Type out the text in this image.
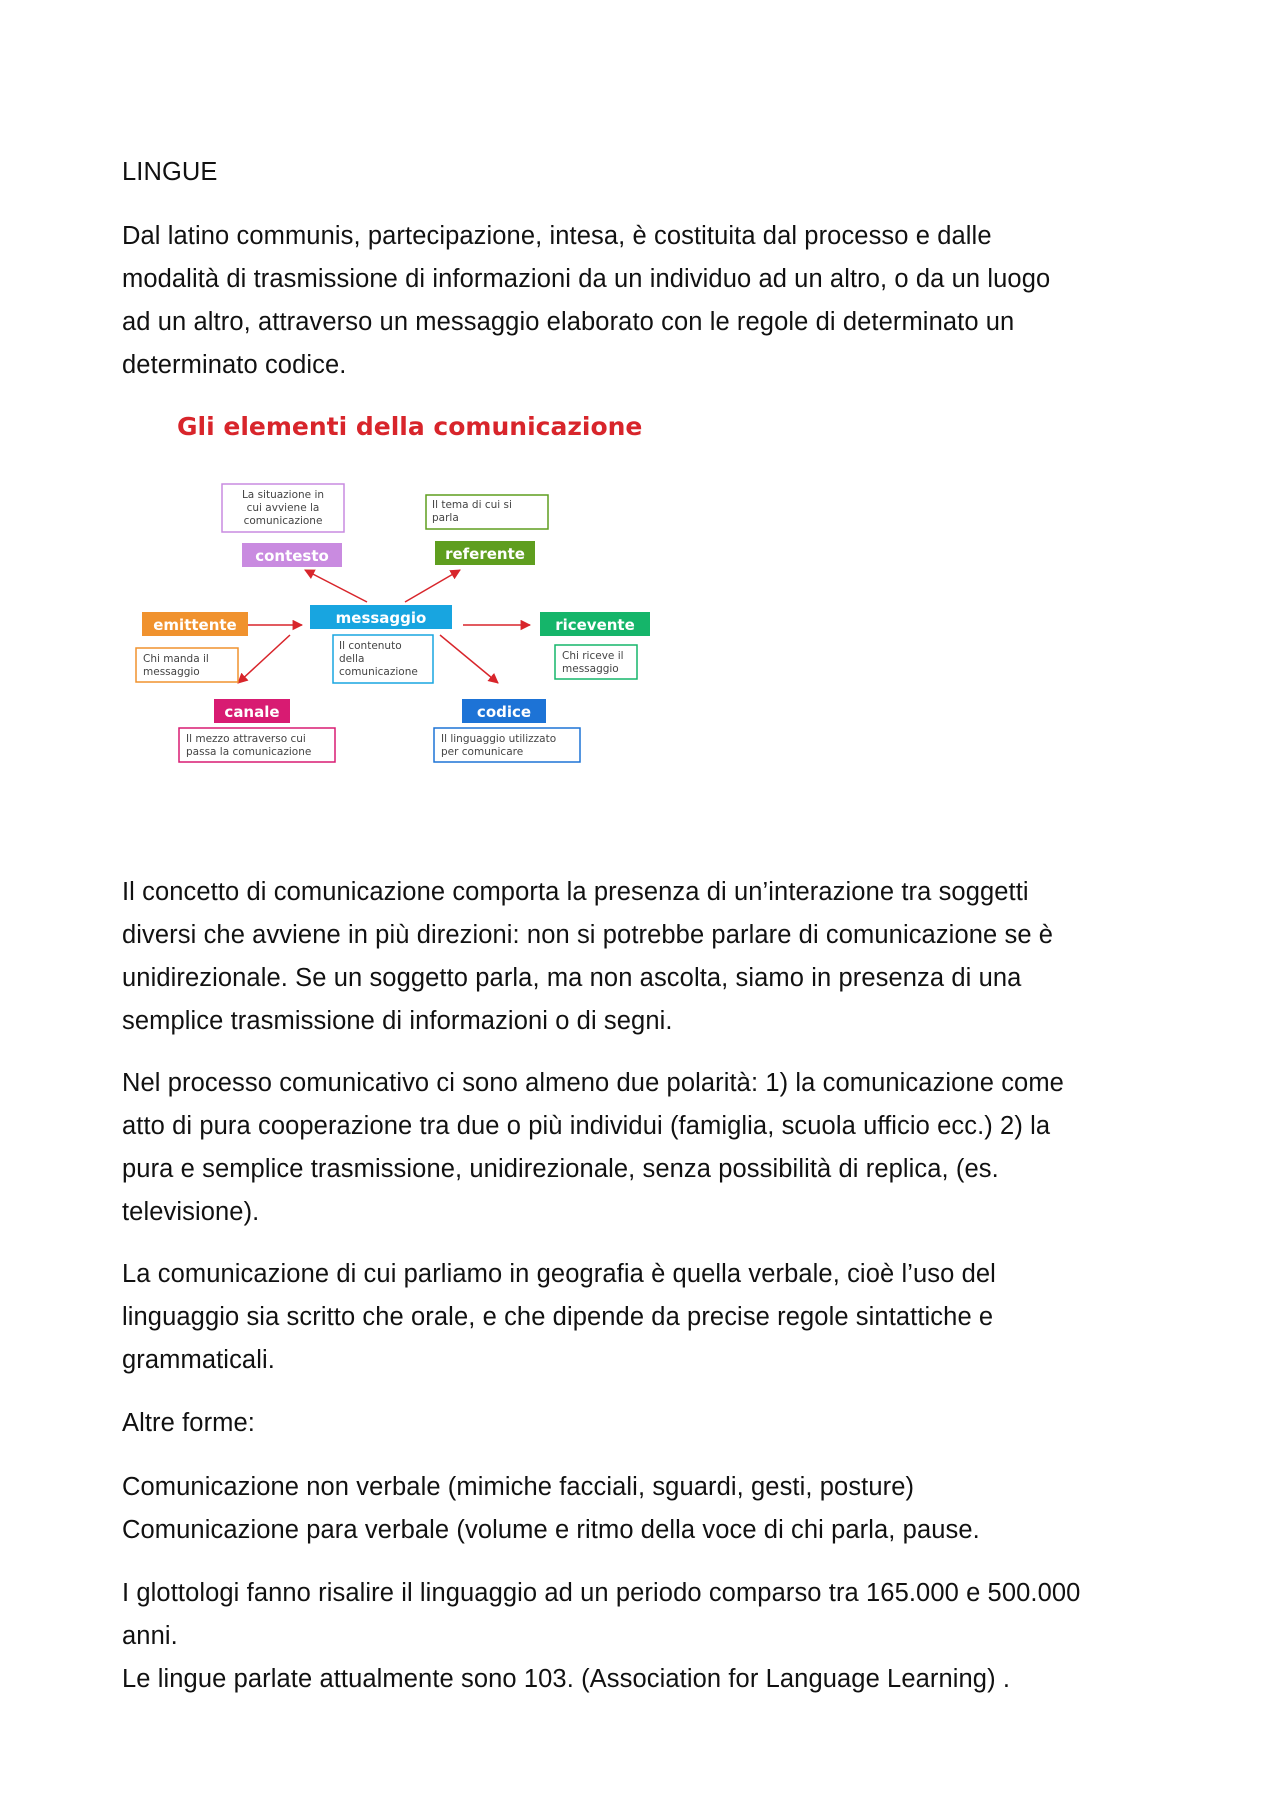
LINGUE

Dal latino communis, partecipazione, intesa, è costituita dal processo e dalle

modalità di trasmissione di informazioni da un individuo ad un altro, o da un luogo

ad un altro, attraverso un messaggio elaborato con le regole di determinato un

determinato codice.

Gli elementi della comunicazione
La situazione in
cui avviene la
comunicazione
contesto
Il tema di cui si
parla
referente
emittente
Chi manda il
messaggio
messaggio
Il contenuto
della
comunicazione
ricevente
Chi riceve il
messaggio
canale
Il mezzo attraverso cui
passa la comunicazione
codice
Il linguaggio utilizzato
per comunicare

Il concetto di comunicazione comporta la presenza di un’interazione tra soggetti

diversi che avviene in più direzioni: non si potrebbe parlare di comunicazione se è

unidirezionale. Se un soggetto parla, ma non ascolta, siamo in presenza di una

semplice trasmissione di informazioni o di segni.

Nel processo comunicativo ci sono almeno due polarità: 1) la comunicazione come

atto di pura cooperazione tra due o più individui (famiglia, scuola ufficio ecc.) 2) la

pura e semplice trasmissione, unidirezionale, senza possibilità di replica, (es.

televisione).

La comunicazione di cui parliamo in geografia è quella verbale, cioè l’uso del

linguaggio sia scritto che orale, e che dipende da precise regole sintattiche e

grammaticali.

Altre forme:

Comunicazione non verbale (mimiche facciali, sguardi, gesti, posture)

Comunicazione para verbale (volume e ritmo della voce di chi parla, pause.

I glottologi fanno risalire il linguaggio ad un periodo comparso tra 165.000 e 500.000

anni.

Le lingue parlate attualmente sono 103. (Association for Language Learning) .
